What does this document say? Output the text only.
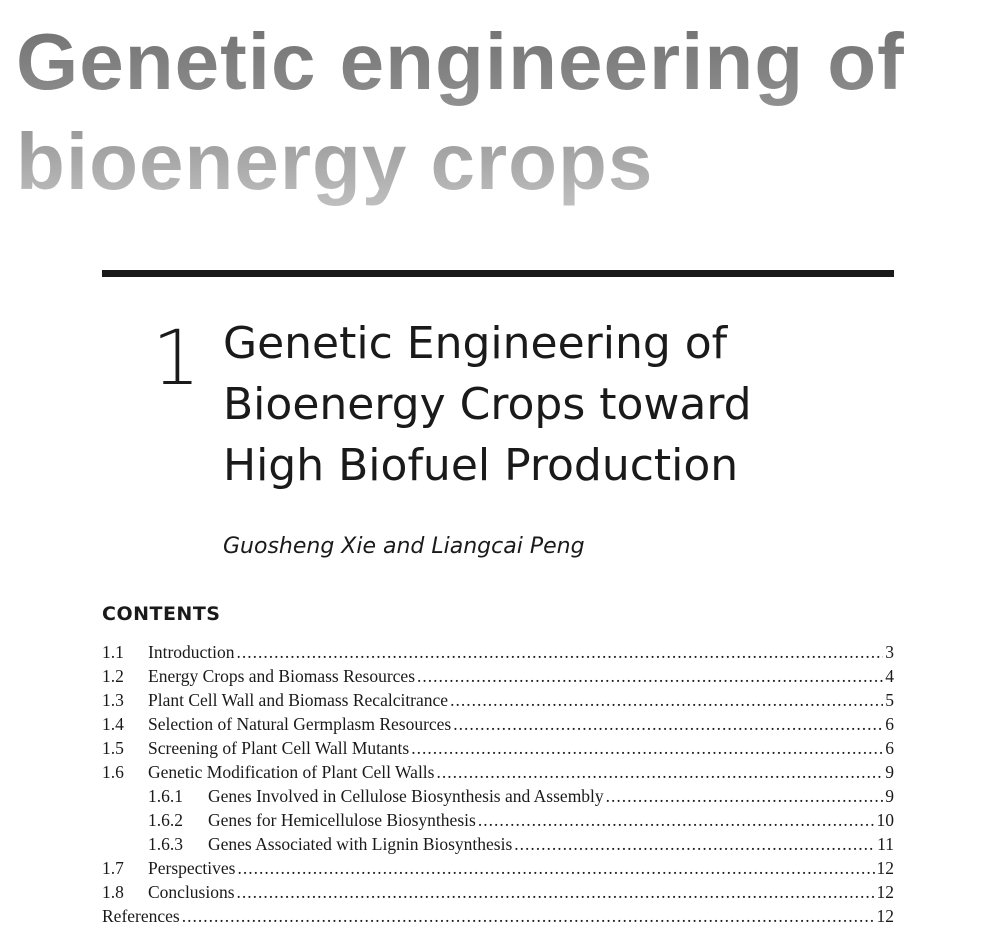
Genetic engineering of
bioenergy crops
1 Genetic Engineering of
Bioenergy Crops toward
High Biofuel Production
Guosheng Xie and Liangcai Peng
CONTENTS
1.1	Introduction .....	3
1.2	Energy Crops and Biomass Resources .....	4
1.3	Plant Cell Wall and Biomass Recalcitrance .....	5
1.4	Selection of Natural Germplasm Resources .....	6
1.5	Screening of Plant Cell Wall Mutants .....	6
1.6	Genetic Modification of Plant Cell Walls .....	9
1.6.1	Genes Involved in Cellulose Biosynthesis and Assembly .....	9
1.6.2	Genes for Hemicellulose Biosynthesis .....	10
1.6.3	Genes Associated with Lignin Biosynthesis .....	11
1.7	Perspectives .....	12
1.8	Conclusions .....	12
References .....	12
